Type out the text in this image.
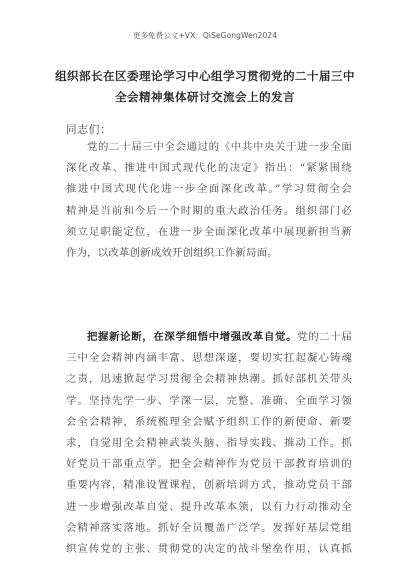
更多免费公文+VX：QiSeGongWen2024
组织部长在区委理论学习中心组学习贯彻党的二十届三中
全会精神集体研讨交流会上的发言
同志们：
党的二十届三中全会通过的《中共中央关于进一步全面
深化改革、推进中国式现代化的决定》指出：“紧紧围绕
推进中国式现代化进一步全面深化改革。”学习贯彻全会
精神是当前和今后一个时期的重大政治任务。组织部门必
须立足职能定位，在进一步全面深化改革中展现新担当新
作为，以改革创新成效开创组织工作新局面。
把握新论断，在深学细悟中增强改革自觉。党的二十届
三中全会精神内涵丰富、思想深邃，要切实扛起凝心铸魂
之责，迅速掀起学习贯彻全会精神热潮。抓好部机关带头
学。坚持先学一步、学深一层，完整、准确、全面学习领
会全会精神，系统梳理全会赋予组织工作的新使命、新要
求，自觉用全会精神武装头脑、指导实践、推动工作。抓
好党员干部重点学。把全会精神作为党员干部教育培训的
重要内容，精准设置课程，创新培训方式，推动党员干部
进一步增强改革自觉、提升改革本领，以有力行动推动全
会精神落实落地。抓好全员覆盖广泛学。发挥好基层党组
织宣传党的主张、贯彻党的决定的战斗堡垒作用，认真抓
